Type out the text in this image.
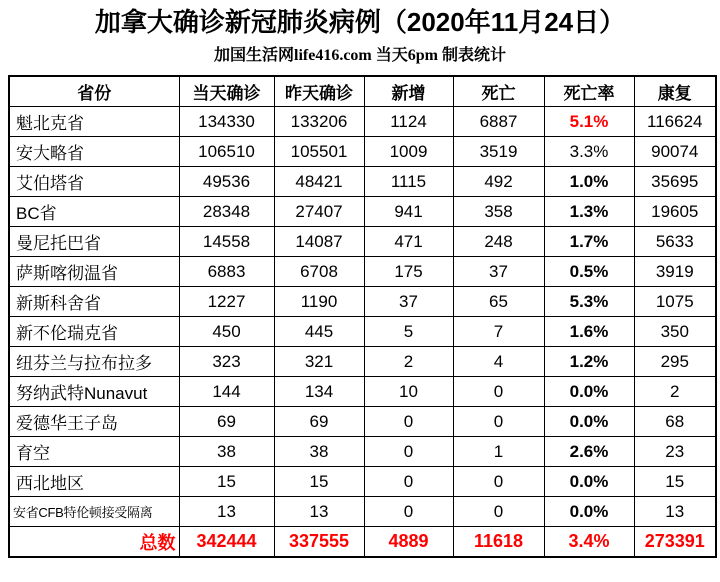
加拿大确诊新冠肺炎病例（2020年11月24日）
加国生活网life416.com 当天6pm 制表统计
省份	当天确诊	昨天确诊	新增	死亡	死亡率	康复
魁北克省	134330	133206	1124	6887	5.1%	116624
安大略省	106510	105501	1009	3519	3.3%	90074
艾伯塔省	49536	48421	1115	492	1.0%	35695
BC省	28348	27407	941	358	1.3%	19605
曼尼托巴省	14558	14087	471	248	1.7%	5633
萨斯喀彻温省	6883	6708	175	37	0.5%	3919
新斯科舍省	1227	1190	37	65	5.3%	1075
新不伦瑞克省	450	445	5	7	1.6%	350
纽芬兰与拉布拉多	323	321	2	4	1.2%	295
努纳武特Nunavut	144	134	10	0	0.0%	2
爱德华王子岛	69	69	0	0	0.0%	68
育空	38	38	0	1	2.6%	23
西北地区	15	15	0	0	0.0%	15
安省CFB特伦顿接受隔离	13	13	0	0	0.0%	13
总数	342444	337555	4889	11618	3.4%	273391
